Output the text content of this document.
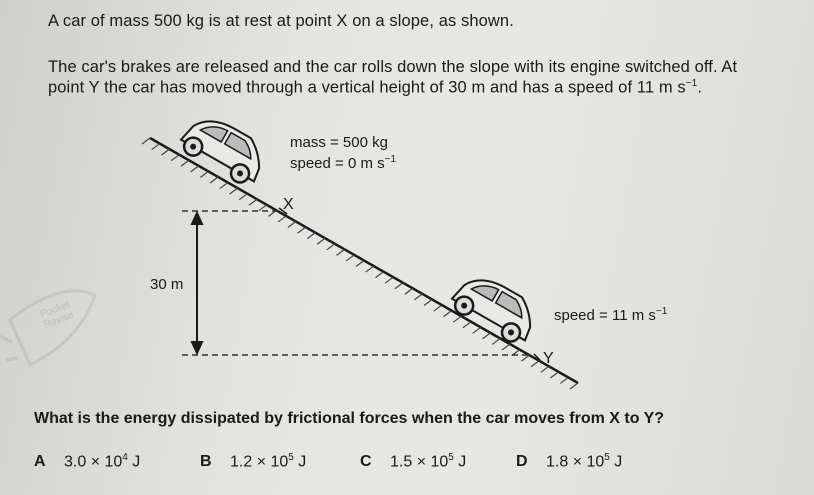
A car of mass 500 kg is at rest at point X on a slope, as shown.
The car's brakes are released and the car rolls down the slope with its engine switched off. At
point Y the car has moved through a vertical height of 30 m and has a speed of 11 m $s^{-1}$.
mass = 500 kg
speed = 0 m $s^{-1}$
X
30 m
Pocket Revise	speed = 11 m $s^{-1}$
Y
What is the energy dissipated by frictional forces when the car moves from X to Y?
A $3.0 \times 10^4$ J	B $1.2 \times 10^5$ J	C $1.5 \times 10^5$ J	D $1.8 \times 10^5$ J
